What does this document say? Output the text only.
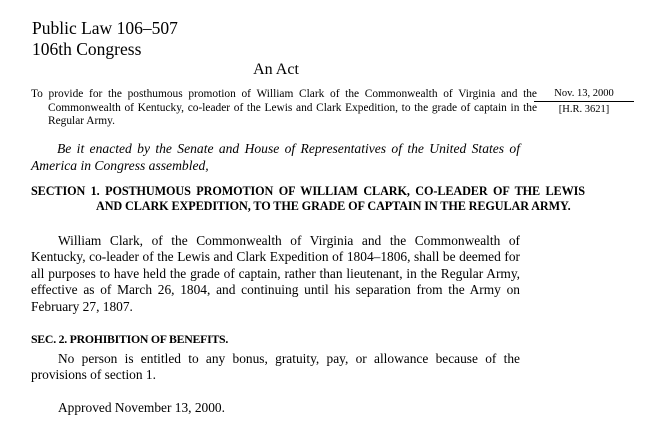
Public Law 106–507
106th Congress
An Act
Nov. 13, 2000
[H.R. 3621]
To provide for the posthumous promotion of William Clark of the Commonwealth of Virginia and the Commonwealth of Kentucky, co-leader of the Lewis and Clark Expedition, to the grade of captain in the Regular Army.
Be it enacted by the Senate and House of Representatives of the United States of America in Congress assembled,
SECTION 1. POSTHUMOUS PROMOTION OF WILLIAM CLARK, CO-LEADER OF THE LEWIS AND CLARK EXPEDITION, TO THE GRADE OF CAPTAIN IN THE REGULAR ARMY.
William Clark, of the Commonwealth of Virginia and the Commonwealth of Kentucky, co-leader of the Lewis and Clark Expedition of 1804–1806, shall be deemed for all purposes to have held the grade of captain, rather than lieutenant, in the Regular Army, effective as of March 26, 1804, and continuing until his separation from the Army on February 27, 1807.
SEC. 2. PROHIBITION OF BENEFITS.
No person is entitled to any bonus, gratuity, pay, or allowance because of the provisions of section 1.
Approved November 13, 2000.
